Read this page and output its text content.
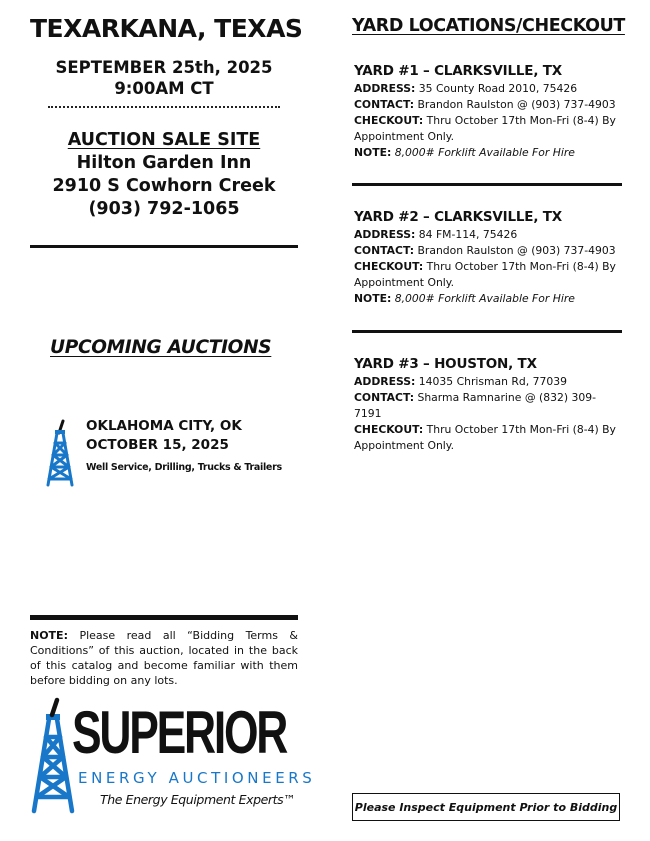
TEXARKANA, TEXAS
SEPTEMBER 25th, 2025
9:00AM CT
AUCTION SALE SITE
Hilton Garden Inn
2910 S Cowhorn Creek
(903) 792-1065
UPCOMING AUCTIONS
OKLAHOMA CITY, OK
OCTOBER 15, 2025
Well Service, Drilling, Trucks & Trailers
NOTE: Please read all “Bidding Terms & Conditions” of this auction, located in the back of this catalog and become familiar with them before bidding on any lots.
SUPERIOR
ENERGY AUCTIONEERS
The Energy Equipment Experts™
YARD LOCATIONS/CHECKOUT
YARD #1 – CLARKSVILLE, TX
ADDRESS: 35 County Road 2010, 75426
CONTACT: Brandon Raulston @ (903) 737-4903
CHECKOUT: Thru October 17th Mon-Fri (8-4) By Appointment Only.
NOTE: 8,000# Forklift Available For Hire
YARD #2 – CLARKSVILLE, TX
ADDRESS: 84 FM-114, 75426
CONTACT: Brandon Raulston @ (903) 737-4903
CHECKOUT: Thru October 17th Mon-Fri (8-4) By Appointment Only.
NOTE: 8,000# Forklift Available For Hire
YARD #3 – HOUSTON, TX
ADDRESS: 14035 Chrisman Rd, 77039
CONTACT: Sharma Ramnarine @ (832) 309-7191
CHECKOUT: Thru October 17th Mon-Fri (8-4) By Appointment Only.
Please Inspect Equipment Prior to Bidding
